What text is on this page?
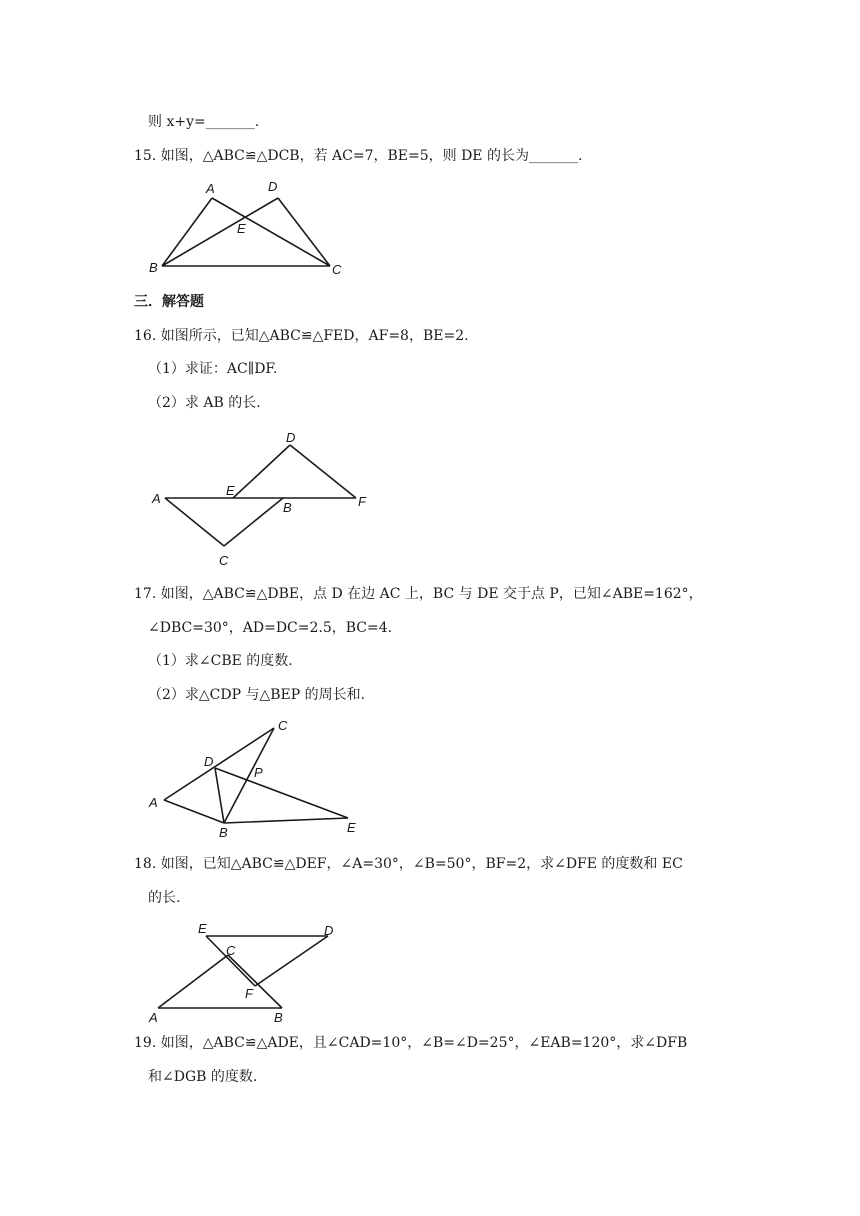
则 x+y=_______.
15. 如图，△ABC≌△DCB，若 AC=7，BE=5，则 DE 的长为_______.
A	D
E
B	C
三．解答题
16. 如图所示，已知△ABC≌△FED，AF=8，BE=2.
（1）求证：AC∥DF.
（2）求 AB 的长.
D
E
A
B	F
C
17. 如图，△ABC≌△DBE，点 D 在边 AC 上，BC 与 DE 交于点 P，已知∠ABE=162°，
∠DBC=30°，AD=DC=2.5，BC=4.
（1）求∠CBE 的度数.
（2）求△CDP 与△BEP 的周长和.
C
D
P
A
B	E
18. 如图，已知△ABC≌△DEF，∠A=30°，∠B=50°，BF=2，求∠DFE 的度数和 EC
的长.
E	D
C
F
A	B
19. 如图，△ABC≌△ADE，且∠CAD=10°，∠B=∠D=25°，∠EAB=120°，求∠DFB
和∠DGB 的度数.
